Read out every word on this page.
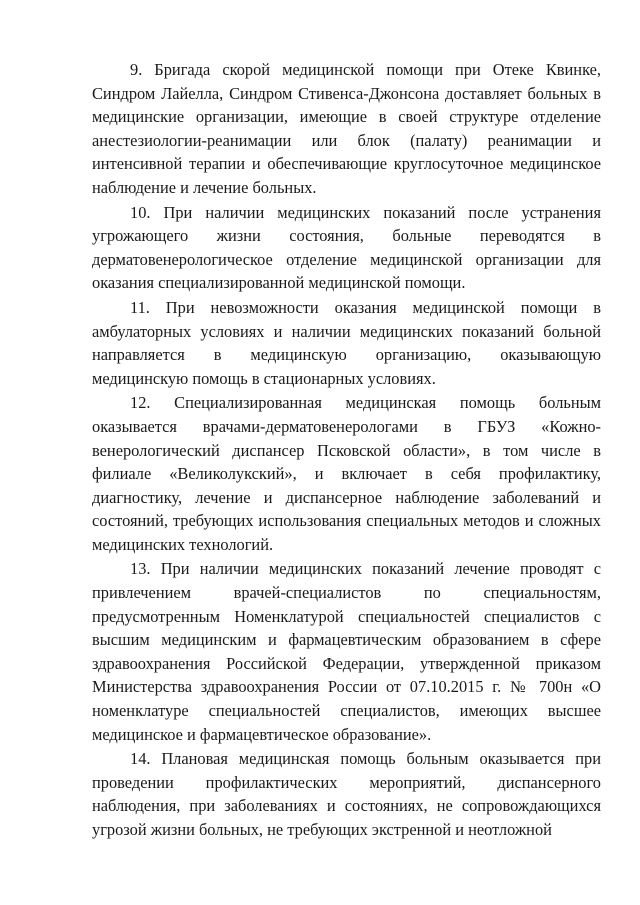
9. Бригада скорой медицинской помощи при Отеке Квинке, Синдром Лайелла, Синдром Стивенса-Джонсона доставляет больных в медицинские организации, имеющие в своей структуре отделение анестезиологии-реанимации или блок (палату) реанимации и интенсивной терапии и обеспечивающие круглосуточное медицинское наблюдение и лечение больных.

10. При наличии медицинских показаний после устранения угрожающего жизни состояния, больные переводятся в дерматовенерологическое отделение медицинской организации для оказания специализированной медицинской помощи.

11. При невозможности оказания медицинской помощи в амбулаторных условиях и наличии медицинских показаний больной направляется в медицинскую организацию, оказывающую медицинскую помощь в стационарных условиях.

12. Специализированная медицинская помощь больным оказывается врачами-дерматовенерологами в ГБУЗ «Кожно-венерологический диспансер Псковской области», в том числе в филиале «Великолукский», и включает в себя профилактику, диагностику, лечение и диспансерное наблюдение заболеваний и состояний, требующих использования специальных методов и сложных медицинских технологий.

13. При наличии медицинских показаний лечение проводят с привлечением врачей-специалистов по специальностям, предусмотренным Номенклатурой специальностей специалистов с высшим медицинским и фармацевтическим образованием в сфере здравоохранения Российской Федерации, утвержденной приказом Министерства здравоохранения России от 07.10.2015 г. № 700н «О номенклатуре специальностей специалистов, имеющих высшее медицинское и фармацевтическое образование».

14. Плановая медицинская помощь больным оказывается при проведении профилактических мероприятий, диспансерного наблюдения, при заболеваниях и состояниях, не сопровождающихся угрозой жизни больных, не требующих экстренной и неотложной
